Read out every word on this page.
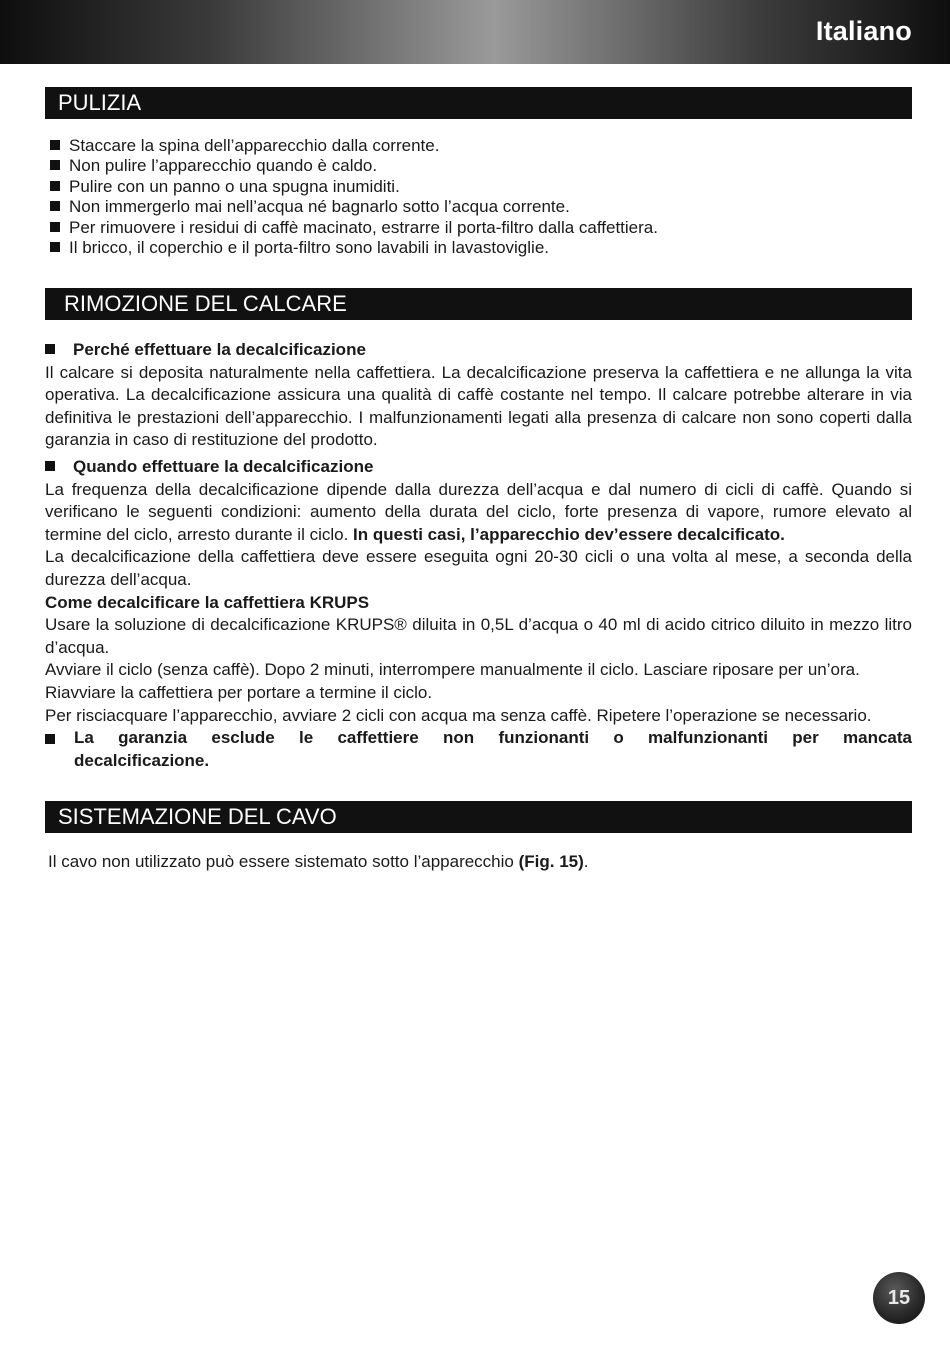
Italiano
PULIZIA
Staccare la spina dell’apparecchio dalla corrente.
Non pulire l’apparecchio quando è caldo.
Pulire con un panno o una spugna inumiditi.
Non immergerlo mai nell’acqua né bagnarlo sotto l’acqua corrente.
Per rimuovere i residui di caffè macinato, estrarre il porta-filtro dalla caffettiera.
Il bricco, il coperchio e il porta-filtro sono lavabili in lavastoviglie.
RIMOZIONE DEL CALCARE
Perché effettuare la decalcificazione

Il calcare si deposita naturalmente nella caffettiera. La decalcificazione preserva la caffettiera e ne allunga la vita operativa. La decalcificazione assicura una qualità di caffè costante nel tempo. Il calcare potrebbe alterare in via definitiva le prestazioni dell’apparecchio. I malfunzionamenti legati alla presenza di calcare non sono coperti dalla garanzia in caso di restituzione del prodotto.

Quando effettuare la decalcificazione

La frequenza della decalcificazione dipende dalla durezza dell’acqua e dal numero di cicli di caffè. Quando si verificano le seguenti condizioni: aumento della durata del ciclo, forte presenza di vapore, rumore elevato al termine del ciclo, arresto durante il ciclo. In questi casi, l’apparecchio dev’essere decalcificato.

La decalcificazione della caffettiera deve essere eseguita ogni 20-30 cicli o una volta al mese, a seconda della durezza dell’acqua.

Come decalcificare la caffettiera KRUPS

Usare la soluzione di decalcificazione KRUPS® diluita in 0,5L d’acqua o 40 ml di acido citrico diluito in mezzo litro d’acqua.

Avviare il ciclo (senza caffè). Dopo 2 minuti, interrompere manualmente il ciclo. Lasciare riposare per un’ora.

Riavviare la caffettiera per portare a termine il ciclo.

Per risciacquare l’apparecchio, avviare 2 cicli con acqua ma senza caffè. Ripetere l’operazione se necessario.

La garanzia esclude le caffettiere non funzionanti o malfunzionanti per mancata decalcificazione.
SISTEMAZIONE DEL CAVO
Il cavo non utilizzato può essere sistemato sotto l’apparecchio (Fig. 15).
15
